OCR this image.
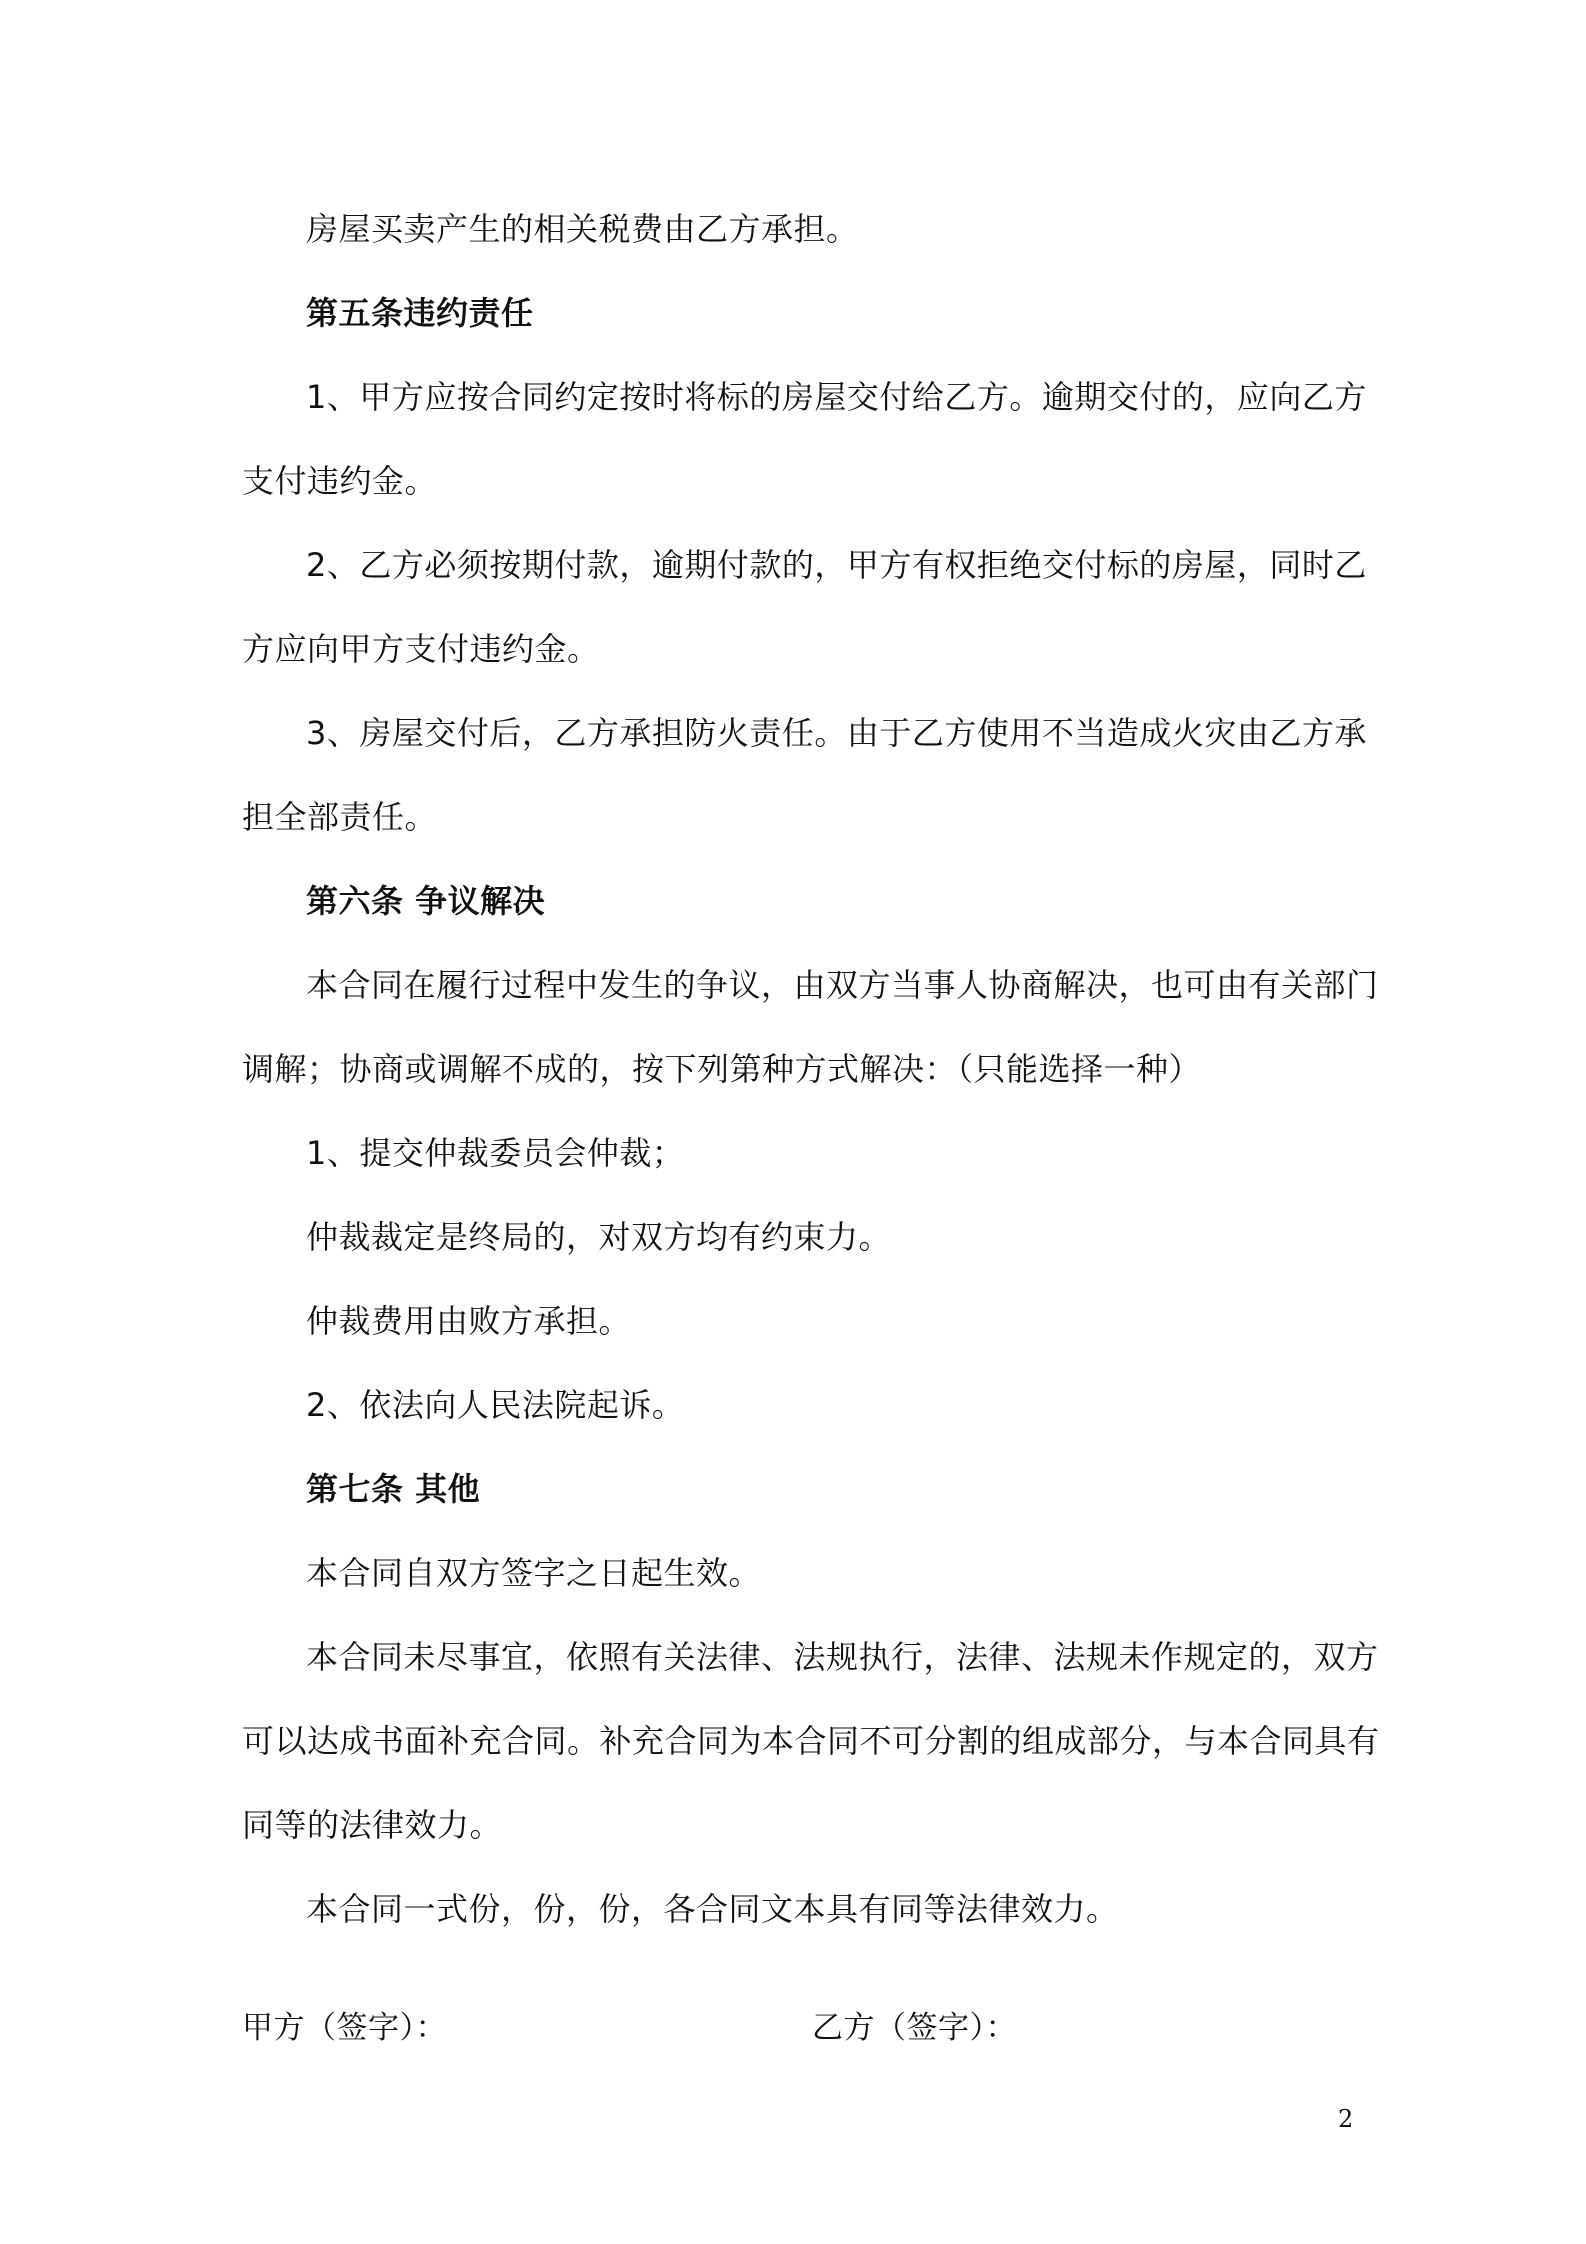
房屋买卖产生的相关税费由乙方承担。
第五条违约责任
1、甲方应按合同约定按时将标的房屋交付给乙方。逾期交付的，应向乙方
支付违约金。
2、乙方必须按期付款，逾期付款的，甲方有权拒绝交付标的房屋，同时乙
方应向甲方支付违约金。
3、房屋交付后，乙方承担防火责任。由于乙方使用不当造成火灾由乙方承
担全部责任。
第六条 争议解决
本合同在履行过程中发生的争议，由双方当事人协商解决，也可由有关部门
调解；协商或调解不成的，按下列第种方式解决：（只能选择一种）
1、提交仲裁委员会仲裁；
仲裁裁定是终局的，对双方均有约束力。
仲裁费用由败方承担。
2、依法向人民法院起诉。
第七条 其他
本合同自双方签字之日起生效。
本合同未尽事宜，依照有关法律、法规执行，法律、法规未作规定的，双方
可以达成书面补充合同。补充合同为本合同不可分割的组成部分，与本合同具有
同等的法律效力。
本合同一式份，份，份，各合同文本具有同等法律效力。
甲方（签字）：	乙方（签字）：
2
